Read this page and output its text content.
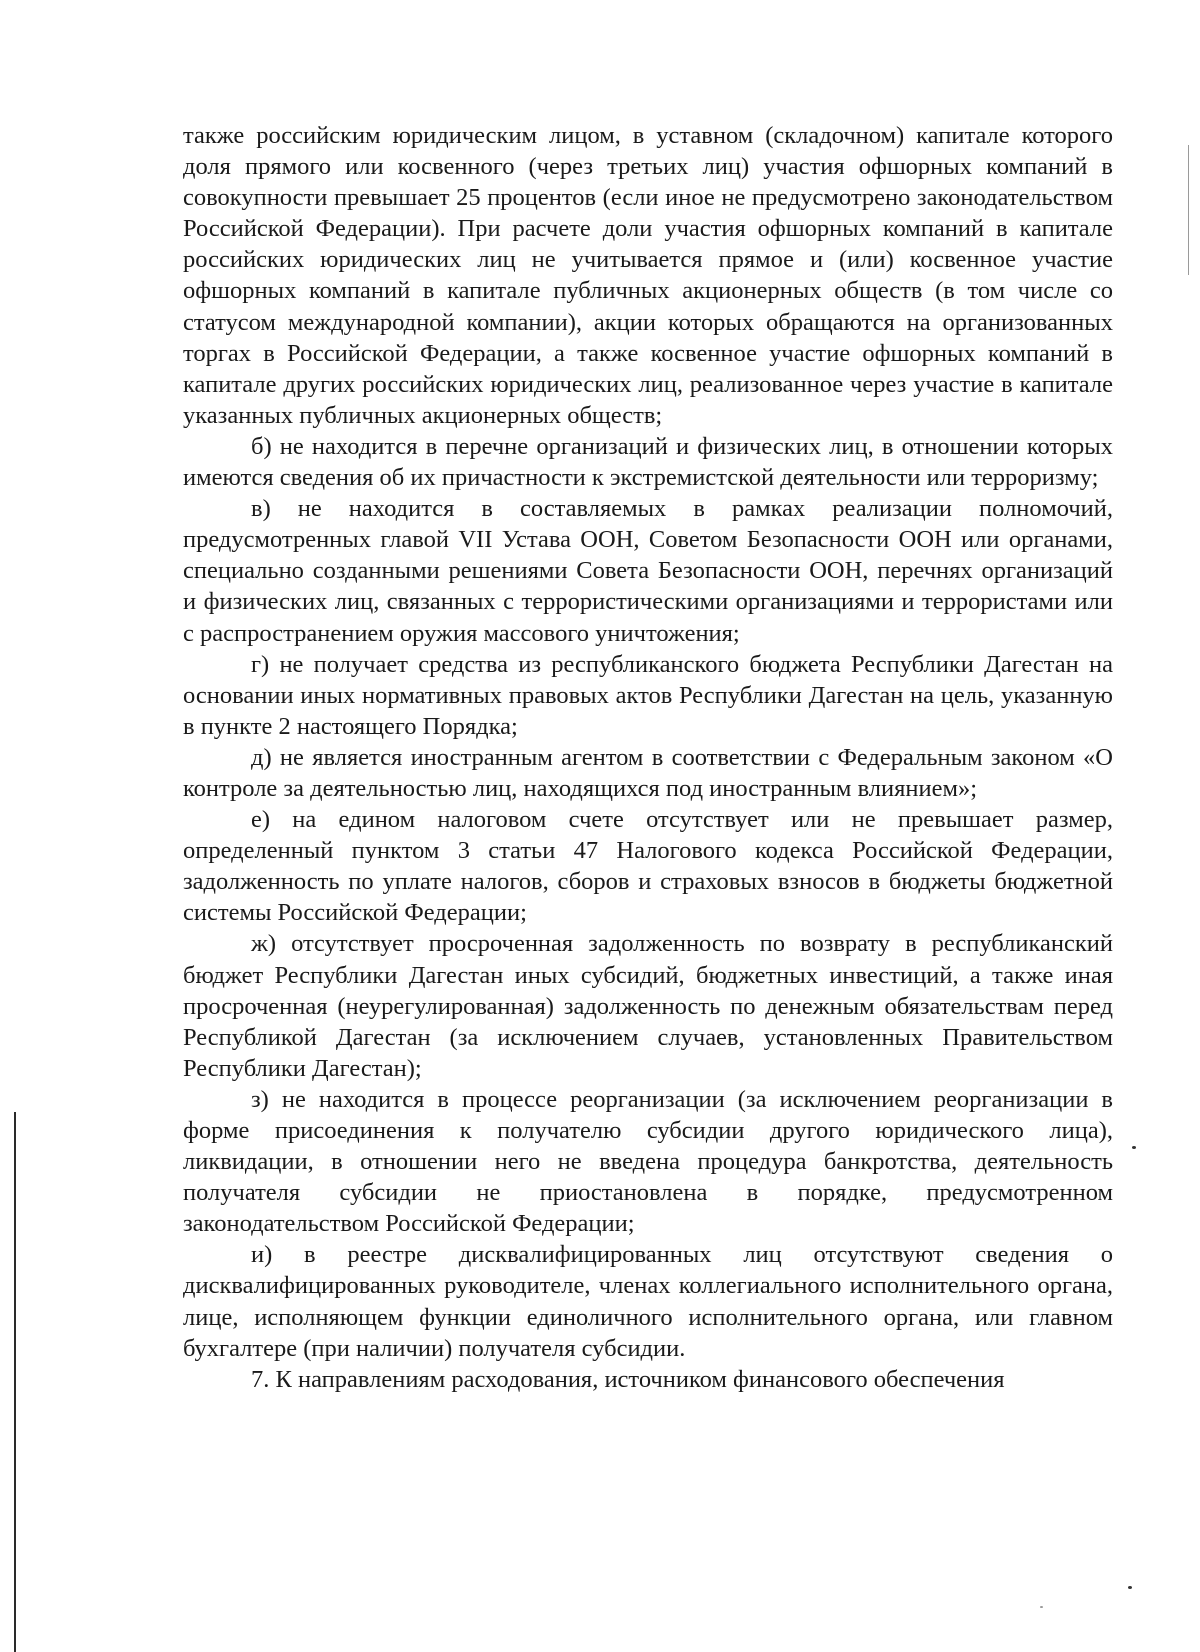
также российским юридическим лицом, в уставном (складочном) капитале которого доля прямого или косвенного (через третьих лиц) участия офшорных компаний в совокупности превышает 25 процентов (если иное не предусмотрено законодательством Российской Федерации). При расчете доли участия офшорных компаний в капитале российских юридических лиц не учитывается прямое и (или) косвенное участие офшорных компаний в капитале публичных акционерных обществ (в том числе со статусом международной компании), акции которых обращаются на организованных торгах в Российской Федерации, а также косвенное участие офшорных компаний в капитале других российских юридических лиц, реализованное через участие в капитале указанных публичных акционерных обществ;

б) не находится в перечне организаций и физических лиц, в отношении которых имеются сведения об их причастности к экстремистской деятельности или терроризму;

в) не находится в составляемых в рамках реализации полномочий, предусмотренных главой VII Устава ООН, Советом Безопасности ООН или органами, специально созданными решениями Совета Безопасности ООН, перечнях организаций и физических лиц, связанных с террористическими организациями и террористами или с распространением оружия массового уничтожения;

г) не получает средства из республиканского бюджета Республики Дагестан на основании иных нормативных правовых актов Республики Дагестан на цель, указанную в пункте 2 настоящего Порядка;

д) не является иностранным агентом в соответствии с Федеральным законом «О контроле за деятельностью лиц, находящихся под иностранным влиянием»;

е) на едином налоговом счете отсутствует или не превышает размер, определенный пунктом 3 статьи 47 Налогового кодекса Российской Федерации, задолженность по уплате налогов, сборов и страховых взносов в бюджеты бюджетной системы Российской Федерации;

ж) отсутствует просроченная задолженность по возврату в республиканский бюджет Республики Дагестан иных субсидий, бюджетных инвестиций, а также иная просроченная (неурегулированная) задолженность по денежным обязательствам перед Республикой Дагестан (за исключением случаев, установленных Правительством Республики Дагестан);

з) не находится в процессе реорганизации (за исключением реорганизации в форме присоединения к получателю субсидии другого юридического лица), ликвидации, в отношении него не введена процедура банкротства, деятельность получателя субсидии не приостановлена в порядке, предусмотренном законодательством Российской Федерации;

и) в реестре дисквалифицированных лиц отсутствуют сведения о дисквалифицированных руководителе, членах коллегиального исполнительного органа, лице, исполняющем функции единоличного исполнительного органа, или главном бухгалтере (при наличии) получателя субсидии.

7. К направлениям расходования, источником финансового обеспечения
